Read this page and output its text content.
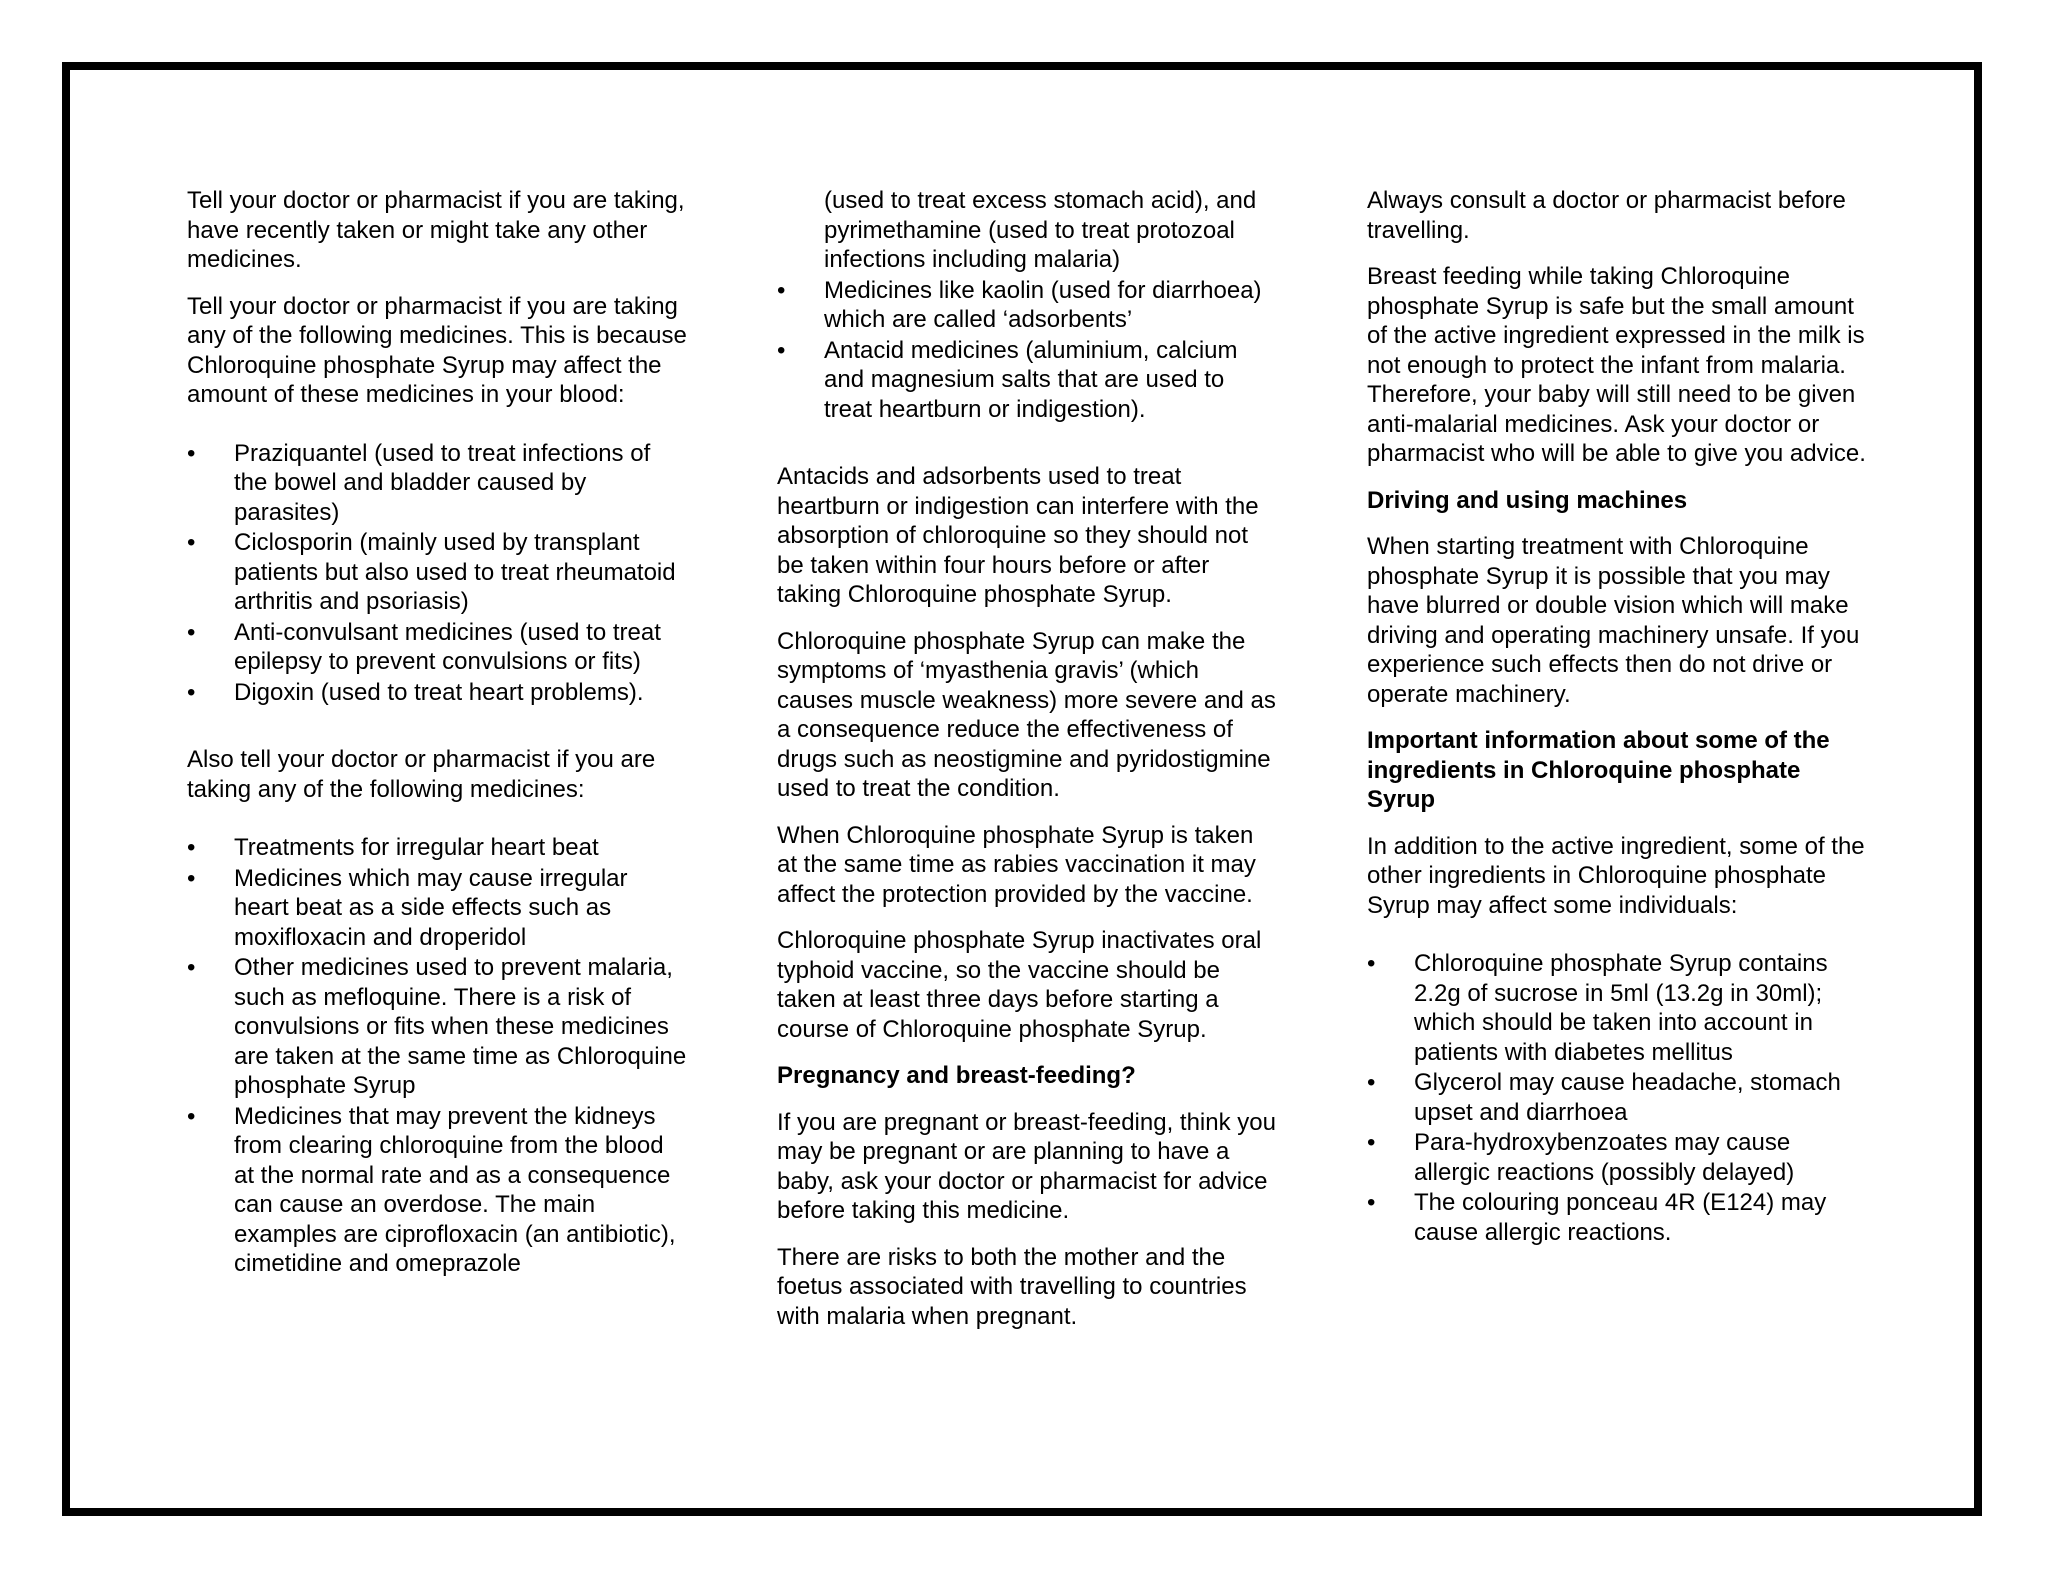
Tell your doctor or pharmacist if you are taking, have recently taken or might take any other medicines.

Tell your doctor or pharmacist if you are taking any of the following medicines. This is because Chloroquine phosphate Syrup may affect the amount of these medicines in your blood:

• Praziquantel (used to treat infections of the bowel and bladder caused by parasites)
• Ciclosporin (mainly used by transplant patients but also used to treat rheumatoid arthritis and psoriasis)
• Anti-convulsant medicines (used to treat epilepsy to prevent convulsions or fits)
• Digoxin (used to treat heart problems).

Also tell your doctor or pharmacist if you are taking any of the following medicines:

• Treatments for irregular heart beat
• Medicines which may cause irregular heart beat as a side effects such as moxifloxacin and droperidol
• Other medicines used to prevent malaria, such as mefloquine. There is a risk of convulsions or fits when these medicines are taken at the same time as Chloroquine phosphate Syrup
• Medicines that may prevent the kidneys from clearing chloroquine from the blood at the normal rate and as a consequence can cause an overdose. The main examples are ciprofloxacin (an antibiotic), cimetidine and omeprazole
(used to treat excess stomach acid), and pyrimethamine (used to treat protozoal infections including malaria)
• Medicines like kaolin (used for diarrhoea) which are called ‘adsorbents’
• Antacid medicines (aluminium, calcium and magnesium salts that are used to treat heartburn or indigestion).

Antacids and adsorbents used to treat heartburn or indigestion can interfere with the absorption of chloroquine so they should not be taken within four hours before or after taking Chloroquine phosphate Syrup.

Chloroquine phosphate Syrup can make the symptoms of ‘myasthenia gravis’ (which causes muscle weakness) more severe and as a consequence reduce the effectiveness of drugs such as neostigmine and pyridostigmine used to treat the condition.

When Chloroquine phosphate Syrup is taken at the same time as rabies vaccination it may affect the protection provided by the vaccine.

Chloroquine phosphate Syrup inactivates oral typhoid vaccine, so the vaccine should be taken at least three days before starting a course of Chloroquine phosphate Syrup.

Pregnancy and breast-feeding?

If you are pregnant or breast-feeding, think you may be pregnant or are planning to have a baby, ask your doctor or pharmacist for advice before taking this medicine.

There are risks to both the mother and the foetus associated with travelling to countries with malaria when pregnant.

Always consult a doctor or pharmacist before travelling.

Breast feeding while taking Chloroquine phosphate Syrup is safe but the small amount of the active ingredient expressed in the milk is not enough to protect the infant from malaria. Therefore, your baby will still need to be given anti-malarial medicines. Ask your doctor or pharmacist who will be able to give you advice.

Driving and using machines

When starting treatment with Chloroquine phosphate Syrup it is possible that you may have blurred or double vision which will make driving and operating machinery unsafe. If you experience such effects then do not drive or operate machinery.

Important information about some of the ingredients in Chloroquine phosphate Syrup

In addition to the active ingredient, some of the other ingredients in Chloroquine phosphate Syrup may affect some individuals:

• Chloroquine phosphate Syrup contains 2.2g of sucrose in 5ml (13.2g in 30ml); which should be taken into account in patients with diabetes mellitus
• Glycerol may cause headache, stomach upset and diarrhoea
• Para-hydroxybenzoates may cause allergic reactions (possibly delayed)
• The colouring ponceau 4R (E124) may cause allergic reactions.
